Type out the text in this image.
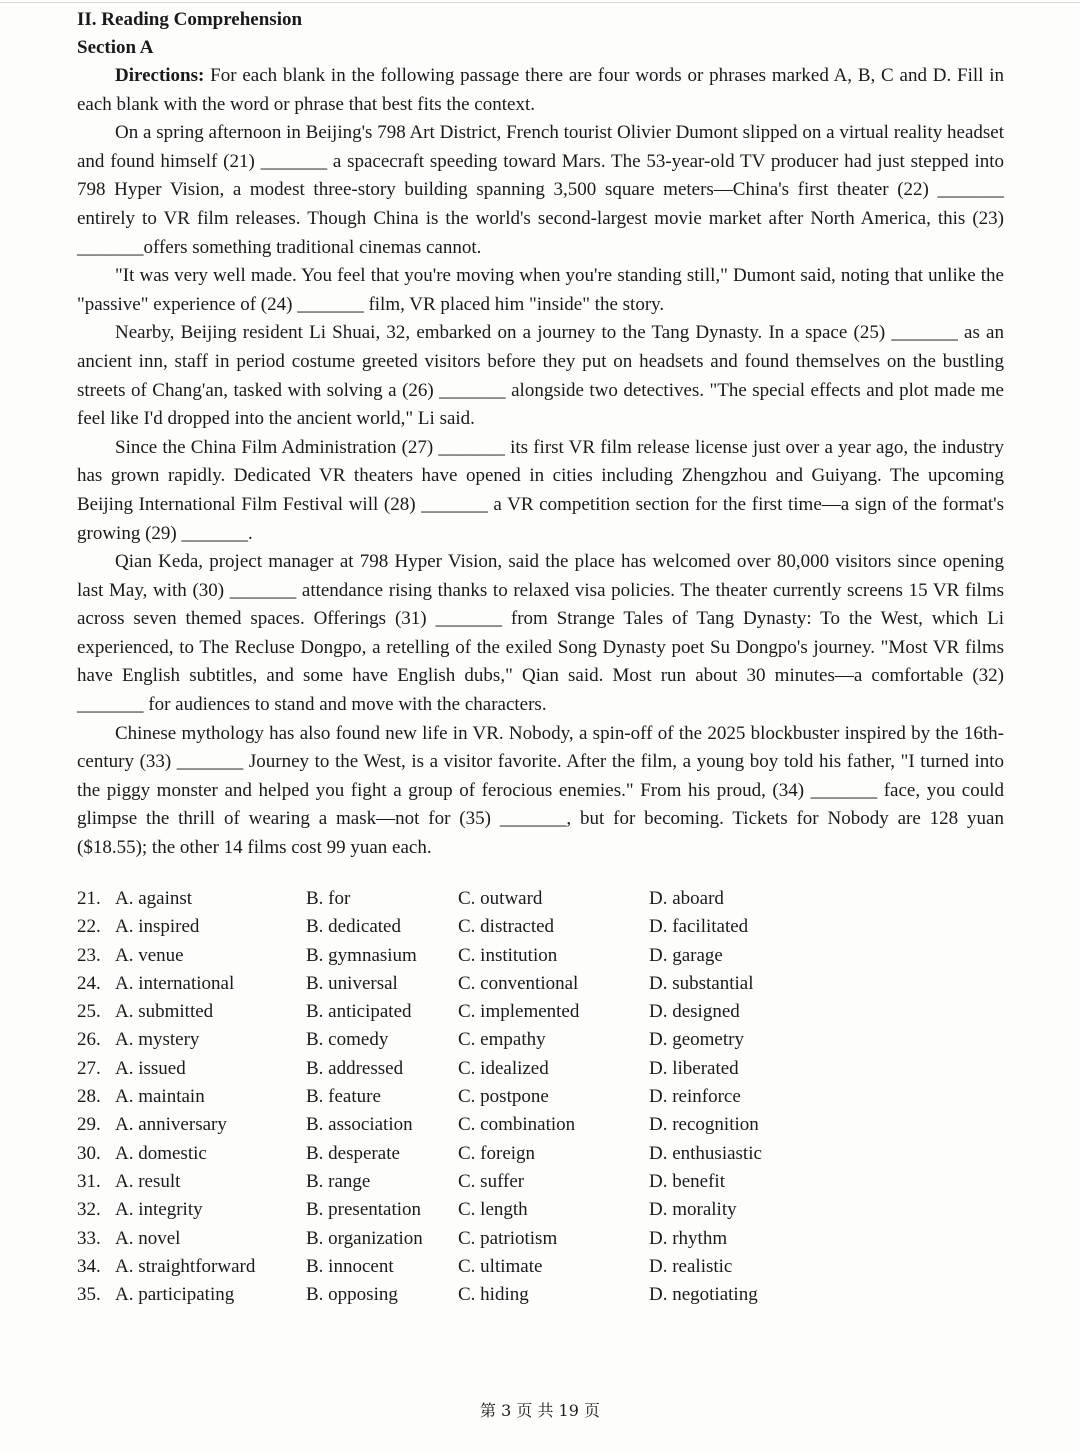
II. Reading Comprehension

Section A

Directions: For each blank in the following passage there are four words or phrases marked A, B, C and D. Fill in each blank with the word or phrase that best fits the context.

On a spring afternoon in Beijing's 798 Art District, French tourist Olivier Dumont slipped on a virtual reality headset and found himself (21) _______ a spacecraft speeding toward Mars. The 53-year-old TV producer had just stepped into 798 Hyper Vision, a modest three-story building spanning 3,500 square meters—China's first theater (22) _______ entirely to VR film releases. Though China is the world's second-largest movie market after North America, this (23) _______offers something traditional cinemas cannot.

"It was very well made. You feel that you're moving when you're standing still," Dumont said, noting that unlike the "passive" experience of (24) _______ film, VR placed him "inside" the story.

Nearby, Beijing resident Li Shuai, 32, embarked on a journey to the Tang Dynasty. In a space (25) _______ as an ancient inn, staff in period costume greeted visitors before they put on headsets and found themselves on the bustling streets of Chang'an, tasked with solving a (26) _______ alongside two detectives. "The special effects and plot made me feel like I'd dropped into the ancient world," Li said.

Since the China Film Administration (27) _______ its first VR film release license just over a year ago, the industry has grown rapidly. Dedicated VR theaters have opened in cities including Zhengzhou and Guiyang. The upcoming Beijing International Film Festival will (28) _______ a VR competition section for the first time—a sign of the format's growing (29) _______.

Qian Keda, project manager at 798 Hyper Vision, said the place has welcomed over 80,000 visitors since opening last May, with (30) _______ attendance rising thanks to relaxed visa policies. The theater currently screens 15 VR films across seven themed spaces. Offerings (31) _______ from Strange Tales of Tang Dynasty: To the West, which Li experienced, to The Recluse Dongpo, a retelling of the exiled Song Dynasty poet Su Dongpo's journey. "Most VR films have English subtitles, and some have English dubs," Qian said. Most run about 30 minutes—a comfortable (32) _______ for audiences to stand and move with the characters.

Chinese mythology has also found new life in VR. Nobody, a spin-off of the 2025 blockbuster inspired by the 16th-century (33) _______ Journey to the West, is a visitor favorite. After the film, a young boy told his father, "I turned into the piggy monster and helped you fight a group of ferocious enemies." From his proud, (34) _______ face, you could glimpse the thrill of wearing a mask—not for (35) _______, but for becoming. Tickets for Nobody are 128 yuan ($18.55); the other 14 films cost 99 yuan each.

21. A. against	B. for	C. outward	D. aboard
22. A. inspired	B. dedicated	C. distracted	D. facilitated
23. A. venue	B. gymnasium C. institution	D. garage
24. A. international	B. universal	C. conventional	D. substantial
25. A. submitted	B. anticipated C. implemented	D. designed
26. A. mystery	B. comedy	C. empathy	D. geometry
27. A. issued	B. addressed	C. idealized	D. liberated
28. A. maintain	B. feature	C. postpone	D. reinforce
29. A. anniversary	B. association C. combination	D. recognition
30. A. domestic	B. desperate	C. foreign	D. enthusiastic
31. A. result	B. range	C. suffer	D. benefit
32. A. integrity	B. presentation C. length	D. morality
33. A. novel	B. organization C. patriotism	D. rhythm
34. A. straightforward	B. innocent	C. ultimate	D. realistic
35. A. participating	B. opposing	C. hiding	D. negotiating
第 3 页 共 19 页
